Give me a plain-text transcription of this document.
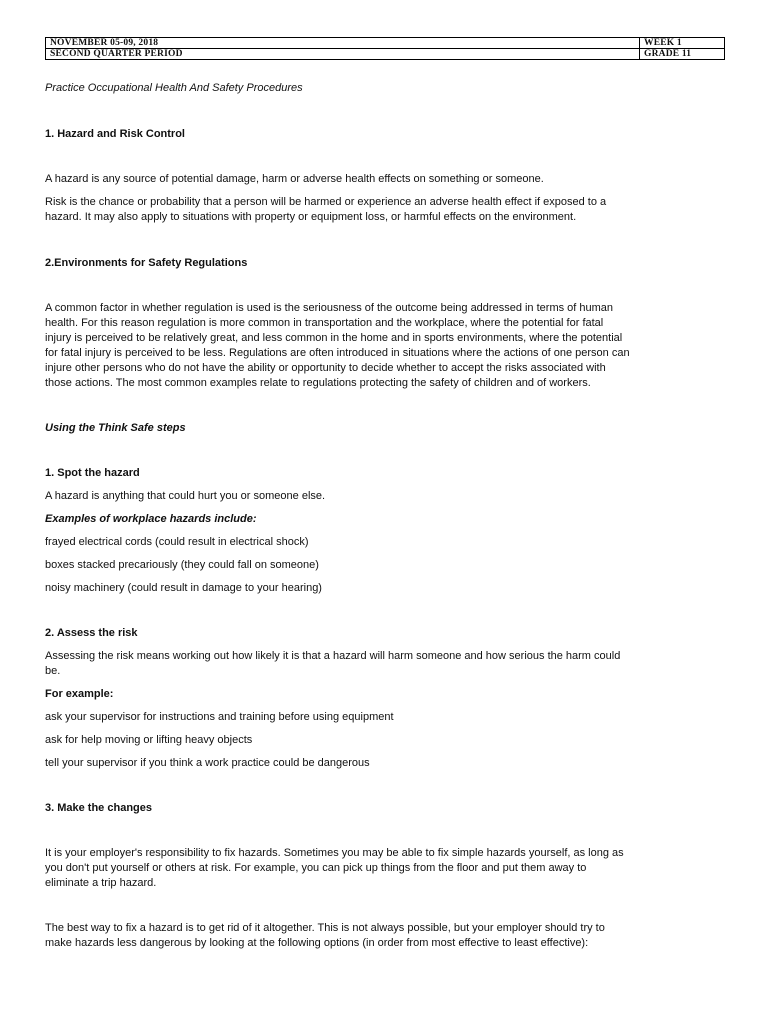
NOVEMBER 05-09, 2018	WEEK 1
SECOND QUARTER PERIOD	GRADE 11

Practice Occupational Health And Safety Procedures

1. Hazard and Risk Control

A hazard is any source of potential damage, harm or adverse health effects on something or someone.

Risk is the chance or probability that a person will be harmed or experience an adverse health effect if exposed to a

hazard. It may also apply to situations with property or equipment loss, or harmful effects on the environment.

2.Environments for Safety Regulations

A common factor in whether regulation is used is the seriousness of the outcome being addressed in terms of human

health. For this reason regulation is more common in transportation and the workplace, where the potential for fatal

injury is perceived to be relatively great, and less common in the home and in sports environments, where the potential

for fatal injury is perceived to be less. Regulations are often introduced in situations where the actions of one person can

injure other persons who do not have the ability or opportunity to decide whether to accept the risks associated with

those actions. The most common examples relate to regulations protecting the safety of children and of workers.

Using the Think Safe steps

1. Spot the hazard

A hazard is anything that could hurt you or someone else.

Examples of workplace hazards include:

frayed electrical cords (could result in electrical shock)

boxes stacked precariously (they could fall on someone)

noisy machinery (could result in damage to your hearing)

2. Assess the risk

Assessing the risk means working out how likely it is that a hazard will harm someone and how serious the harm could

be.

For example:

ask your supervisor for instructions and training before using equipment

ask for help moving or lifting heavy objects

tell your supervisor if you think a work practice could be dangerous

3. Make the changes

It is your employer's responsibility to fix hazards. Sometimes you may be able to fix simple hazards yourself, as long as

you don't put yourself or others at risk. For example, you can pick up things from the floor and put them away to

eliminate a trip hazard.

The best way to fix a hazard is to get rid of it altogether. This is not always possible, but your employer should try to

make hazards less dangerous by looking at the following options (in order from most effective to least effective):
